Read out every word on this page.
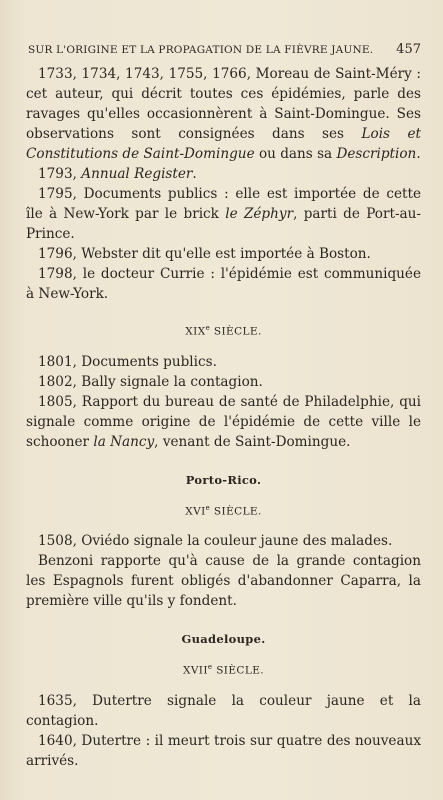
SUR L'ORIGINE ET LA PROPAGATION DE LA FIÈVRE JAUNE. 457

1733, 1734, 1743, 1755, 1766, Moreau de Saint-Méry : cet auteur, qui décrit toutes ces épidémies, parle des ravages qu'elles occasionnèrent à Saint-Domingue. Ses observations sont consignées dans ses Lois et Constitutions de Saint-Domingue ou dans sa Description.

1793, Annual Register.

1795, Documents publics : elle est importée de cette île à New-York par le brick le Zéphyr, parti de Port-au-Prince.

1796, Webster dit qu'elle est importée à Boston.

1798, le docteur Currie : l'épidémie est communiquée à New-York.

XIXe SIÈCLE.

1801, Documents publics.

1802, Bally signale la contagion.

1805, Rapport du bureau de santé de Philadelphie, qui signale comme origine de l'épidémie de cette ville le schooner la Nancy, venant de Saint-Domingue.

Porto-Rico.

XVIe SIÈCLE.

1508, Oviédo signale la couleur jaune des malades.

Benzoni rapporte qu'à cause de la grande contagion les Espagnols furent obligés d'abandonner Caparra, la première ville qu'ils y fondent.

Guadeloupe.

XVIIe SIÈCLE.

1635, Dutertre signale la couleur jaune et la contagion.

1640, Dutertre : il meurt trois sur quatre des nouveaux arrivés.
